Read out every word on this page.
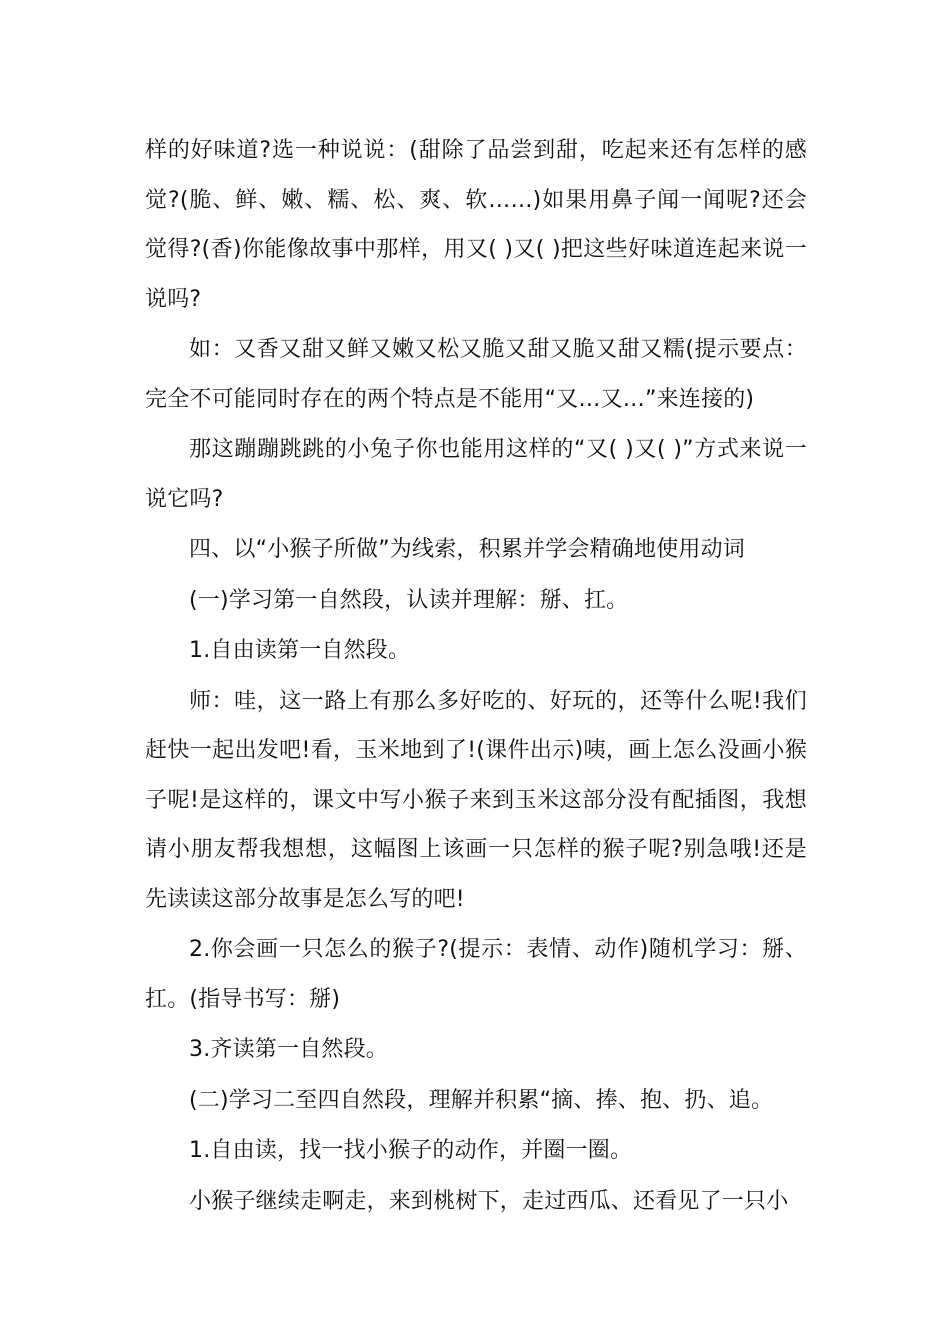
样的好味道?选一种说说：(甜除了品尝到甜，吃起来还有怎样的感觉?(脆、鲜、嫩、糯、松、爽、软……)如果用鼻子闻一闻呢?还会觉得?(香)你能像故事中那样，用又( )又( )把这些好味道连起来说一说吗?

如：又香又甜又鲜又嫩又松又脆又甜又脆又甜又糯(提示要点：完全不可能同时存在的两个特点是不能用“又…又…”来连接的)

那这蹦蹦跳跳的小兔子你也能用这样的“又( )又( )”方式来说一说它吗?

四、以“小猴子所做”为线索，积累并学会精确地使用动词

(一)学习第一自然段，认读并理解：掰、扛。

1.自由读第一自然段。

师：哇，这一路上有那么多好吃的、好玩的，还等什么呢!我们赶快一起出发吧!看，玉米地到了!(课件出示)咦，画上怎么没画小猴子呢!是这样的，课文中写小猴子来到玉米这部分没有配插图，我想请小朋友帮我想想，这幅图上该画一只怎样的猴子呢?别急哦!还是先读读这部分故事是怎么写的吧!

2.你会画一只怎么的猴子?(提示：表情、动作)随机学习：掰、扛。(指导书写：掰)

3.齐读第一自然段。

(二)学习二至四自然段，理解并积累“摘、捧、抱、扔、追。

1.自由读，找一找小猴子的动作，并圈一圈。

小猴子继续走啊走，来到桃树下，走过西瓜、还看见了一只小
